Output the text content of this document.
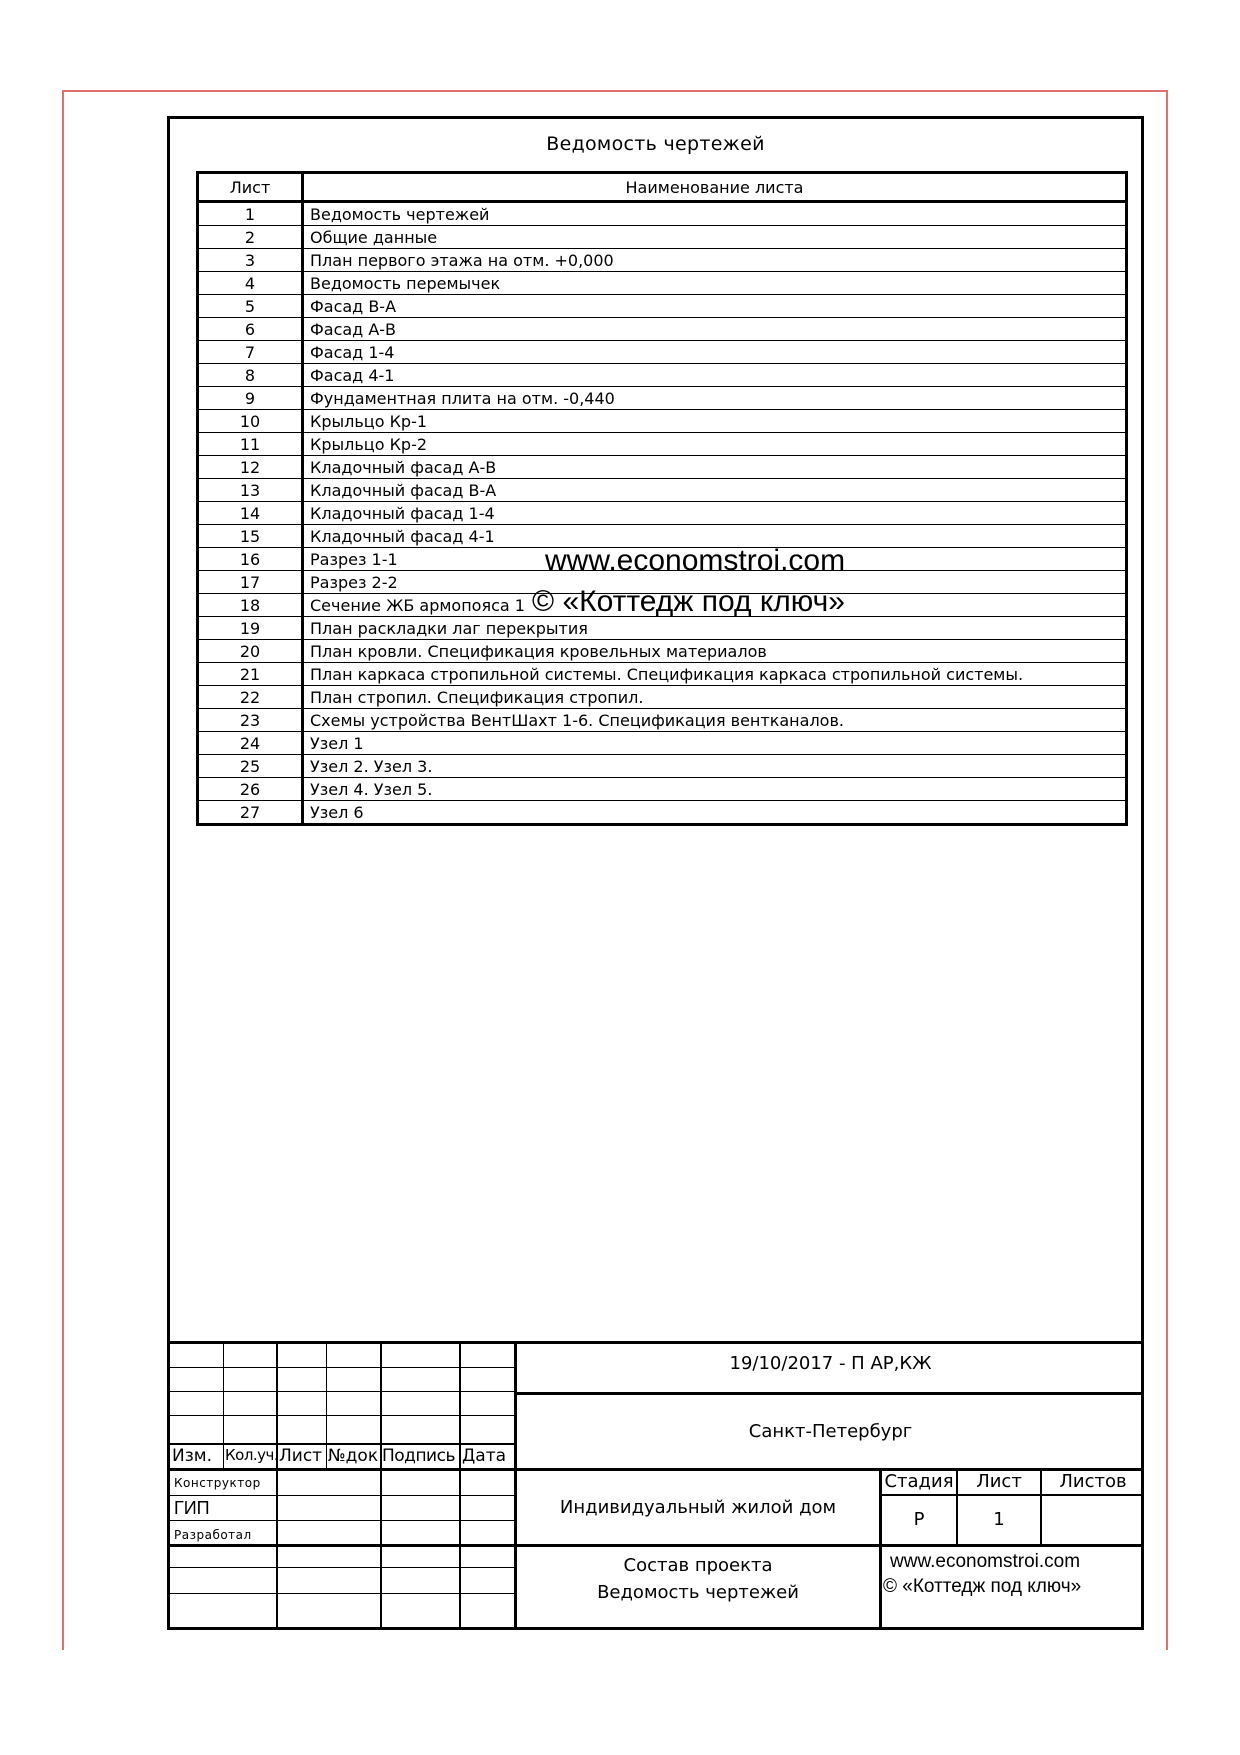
Ведомость чертежей
Лист	Наименование листа
1	Ведомость чертежей
2	Общие данные
3	План первого этажа на отм. +0,000
4	Ведомость перемычек
5	Фасад В-А
6	Фасад А-В
7	Фасад 1-4
8	Фасад 4-1
9	Фундаментная плита на отм. -0,440
10	Крыльцо Кр-1
11	Крыльцо Кр-2
12	Кладочный фасад А-В
13	Кладочный фасад В-А
14	Кладочный фасад 1-4
15	Кладочный фасад 4-1
16	Разрез 1-1
17	Разрез 2-2
18	Сечение ЖБ армопояса 1
19	План раскладки лаг перекрытия
20	План кровли. Спецификация кровельных материалов
21	План каркаса стропильной системы. Спецификация каркаса стропильной системы.
22	План стропил. Спецификация стропил.
23	Схемы устройства ВентШахт 1-6. Спецификация вентканалов.
24	Узел 1
25	Узел 2. Узел 3.
26	Узел 4. Узел 5.
27	Узел 6
19/10/2017 - П АР,КЖ
Санкт-Петербург
Индивидуальный жилой дом
Состав проекта
Ведомость чертежей
Стадия	Лист	Листов
Р	1
www.economstroi.com
© «Коттедж под ключ»
Изм. Кол.уч. Лист №док Подпись Дата
Конструктор
ГИП
Разработал
www.economstroi.com
© «Коттедж под ключ»
